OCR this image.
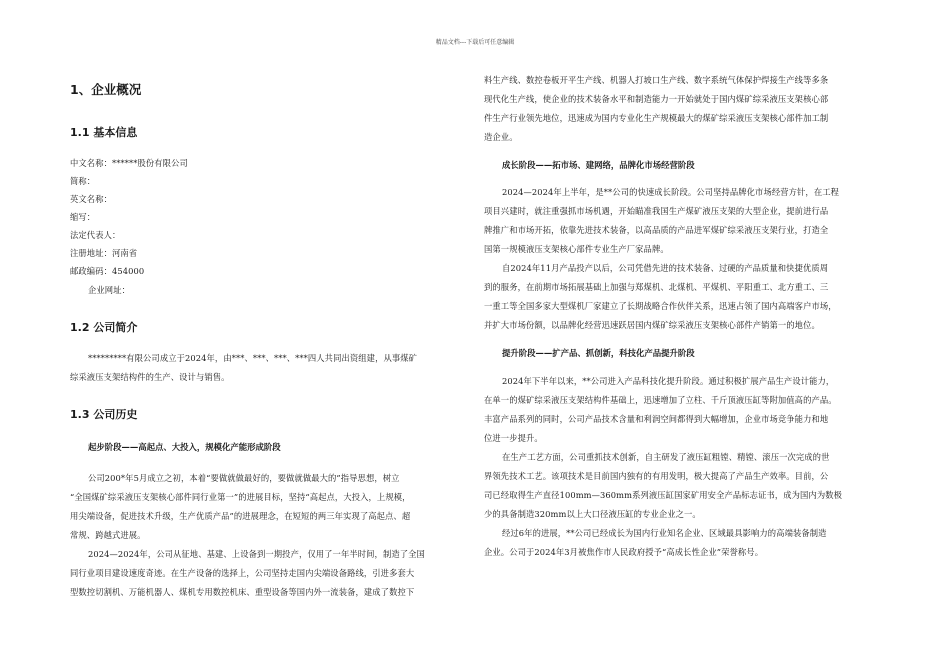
精品文档---下载后可任意编辑
1、企业概况
1.1 基本信息
中文名称：******股份有限公司
简称：
英文名称：
缩写：
法定代表人：
注册地址：河南省
邮政编码：454000
企业网址：
1.2 公司简介
*********有限公司成立于2024年，由***、***、***、***四人共同出资组建，从事煤矿
综采液压支架结构件的生产、设计与销售。
1.3 公司历史
起步阶段——高起点、大投入，规模化产能形成阶段
公司200*年5月成立之初，本着“要做就做最好的，要做就做最大的”指导思想，树立
“全国煤矿综采液压支架核心部件同行业第一”的进展目标，坚持“高起点，大投入，上规模，
用尖端设备，促进技术升级，生产优质产品”的进展理念，在短短的两三年实现了高起点、超
常规、跨越式进展。
2024—2024年，公司从征地、基建、上设备到一期投产，仅用了一年半时间，制造了全国
同行业项目建设速度奇迹。在生产设备的选择上，公司坚持走国内尖端设备路线，引进多套大
型数控切割机、万能机器人、煤机专用数控机床、重型设备等国内外一流装备，建成了数控下
料生产线、数控卷板开平生产线、机器人打坡口生产线、数字系统气体保护焊接生产线等多条
现代化生产线，使企业的技术装备水平和制造能力一开始就处于国内煤矿综采液压支架核心部
件生产行业领先地位，迅速成为国内专业化生产规模最大的煤矿综采液压支架核心部件加工制
造企业。
成长阶段——拓市场、建网络，品牌化市场经营阶段
2024—2024年上半年，是**公司的快速成长阶段。公司坚持品牌化市场经营方针，在工程
项目兴建时，就注重强抓市场机遇，开始瞄准我国生产煤矿液压支架的大型企业，提前进行品
牌推广和市场开拓，依靠先进技术装备，以高品质的产品进军煤矿综采液压支架行业，打造全
国第一规模液压支架核心部件专业生产厂家品牌。
自2024年11月产品投产以后，公司凭借先进的技术装备、过硬的产品质量和快捷优质周
到的服务，在前期市场拓展基础上加强与郑煤机、北煤机、平煤机、平阳重工、北方重工、三
一重工等全国多家大型煤机厂家建立了长期战略合作伙伴关系，迅速占领了国内高端客户市场，
并扩大市场份额，以品牌化经营迅速跃居国内煤矿综采液压支架核心部件产销第一的地位。
提升阶段——扩产品、抓创新，科技化产品提升阶段
2024年下半年以来，**公司进入产品科技化提升阶段。通过积极扩展产品生产设计能力，
在单一的煤矿综采液压支架结构件基础上，迅速增加了立柱、千斤顶液压缸等附加值高的产品。
丰富产品系列的同时，公司产品技术含量和利润空间都得到大幅增加，企业市场竞争能力和地
位进一步提升。
在生产工艺方面，公司重抓技术创新，自主研发了液压缸粗镗、精镗、滚压一次完成的世
界领先技术工艺。该项技术是目前国内独有的有用发明，极大提高了产品生产效率。目前，公
司已经取得生产直径100mm—360mm系列液压缸国家矿用安全产品标志证书，成为国内为数极
少的具备制造320mm以上大口径液压缸的专业企业之一。
经过6年的进展，**公司已经成长为国内行业知名企业、区域最具影响力的高端装备制造
企业。公司于2024年3月被焦作市人民政府授予“高成长性企业”荣誉称号。
